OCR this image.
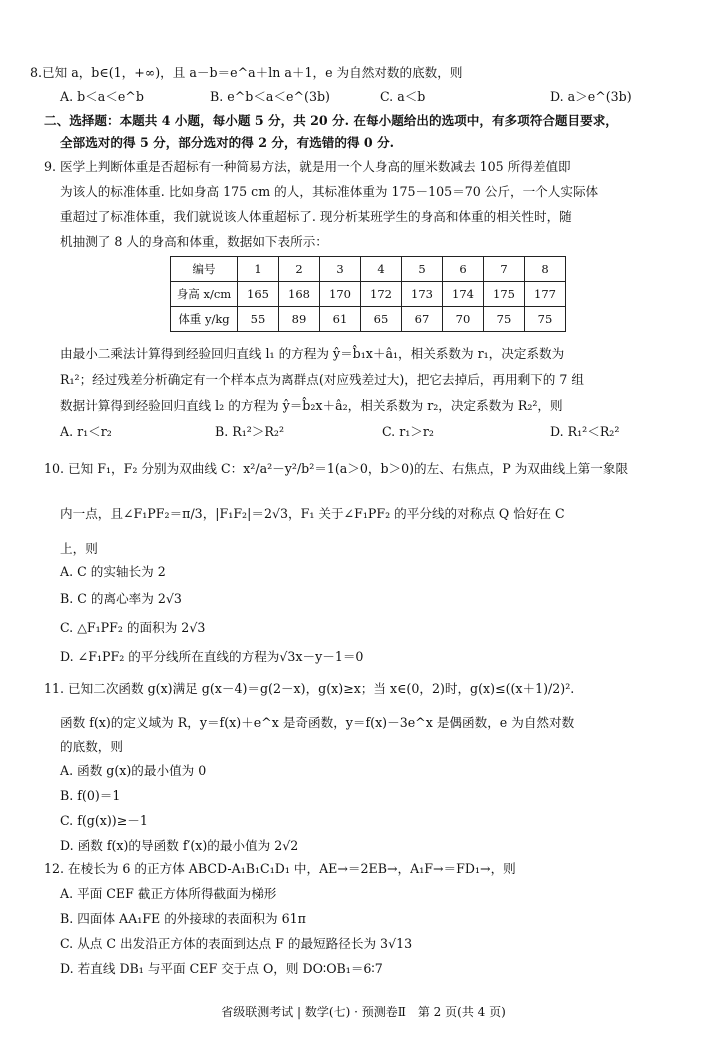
8.已知 a，b∈(1，+∞)，且 a－b＝e^a＋ln a＋1，e 为自然对数的底数，则
A. b＜a＜e^b	B. e^b＜a＜e^(3b)	C. a＜b	D. a＞e^(3b)
二、选择题：本题共 4 小题，每小题 5 分，共 20 分. 在每小题给出的选项中，有多项符合题目要求，
全部选对的得 5 分，部分选对的得 2 分，有选错的得 0 分.
9. 医学上判断体重是否超标有一种简易方法，就是用一个人身高的厘米数减去 105 所得差值即
为该人的标准体重. 比如身高 175 cm 的人，其标准体重为 175－105＝70 公斤，一个人实际体
重超过了标准体重，我们就说该人体重超标了. 现分析某班学生的身高和体重的相关性时，随
机抽测了 8 人的身高和体重，数据如下表所示：
编号	1	2	3	4	5	6	7	8
身高 x/cm	165	168	170	172	173	174	175	177
体重 y/kg	55	89	61	65	67	70	75	75
由最小二乘法计算得到经验回归直线 l₁ 的方程为 ŷ＝b̂₁x＋â₁，相关系数为 r₁，决定系数为
R₁²；经过残差分析确定有一个样本点为离群点(对应残差过大)，把它去掉后，再用剩下的 7 组
数据计算得到经验回归直线 l₂ 的方程为 ŷ＝b̂₂x＋â₂，相关系数为 r₂，决定系数为 R₂²，则
A. r₁＜r₂	B. R₁²＞R₂²	C. r₁＞r₂	D. R₁²＜R₂²
10. 已知 F₁，F₂ 分别为双曲线 C：x²/a²－y²/b²＝1(a＞0，b＞0)的左、右焦点，P 为双曲线上第一象限
内一点，且∠F₁PF₂＝π/3，|F₁F₂|＝2√3，F₁ 关于∠F₁PF₂ 的平分线的对称点 Q 恰好在 C
上，则
A. C 的实轴长为 2
B. C 的离心率为 2√3
C. △F₁PF₂ 的面积为 2√3
D. ∠F₁PF₂ 的平分线所在直线的方程为√3x－y－1＝0
11. 已知二次函数 g(x)满足 g(x－4)＝g(2－x)，g(x)≥x；当 x∈(0，2)时，g(x)≤((x＋1)/2)².
函数 f(x)的定义域为 R，y＝f(x)＋e^x 是奇函数，y＝f(x)－3e^x 是偶函数，e 为自然对数
的底数，则
A. 函数 g(x)的最小值为 0
B. f(0)＝1
C. f(g(x))≥－1
D. 函数 f(x)的导函数 f′(x)的最小值为 2√2
12. 在棱长为 6 的正方体 ABCD-A₁B₁C₁D₁ 中，AE→＝2EB→，A₁F→＝FD₁→，则
A. 平面 CEF 截正方体所得截面为梯形
B. 四面体 AA₁FE 的外接球的表面积为 61π
C. 从点 C 出发沿正方体的表面到达点 F 的最短路径长为 3√13
D. 若直线 DB₁ 与平面 CEF 交于点 O，则 DO∶OB₁＝6∶7
省级联测考试 | 数学(七) · 预测卷Ⅱ　第 2 页(共 4 页)
